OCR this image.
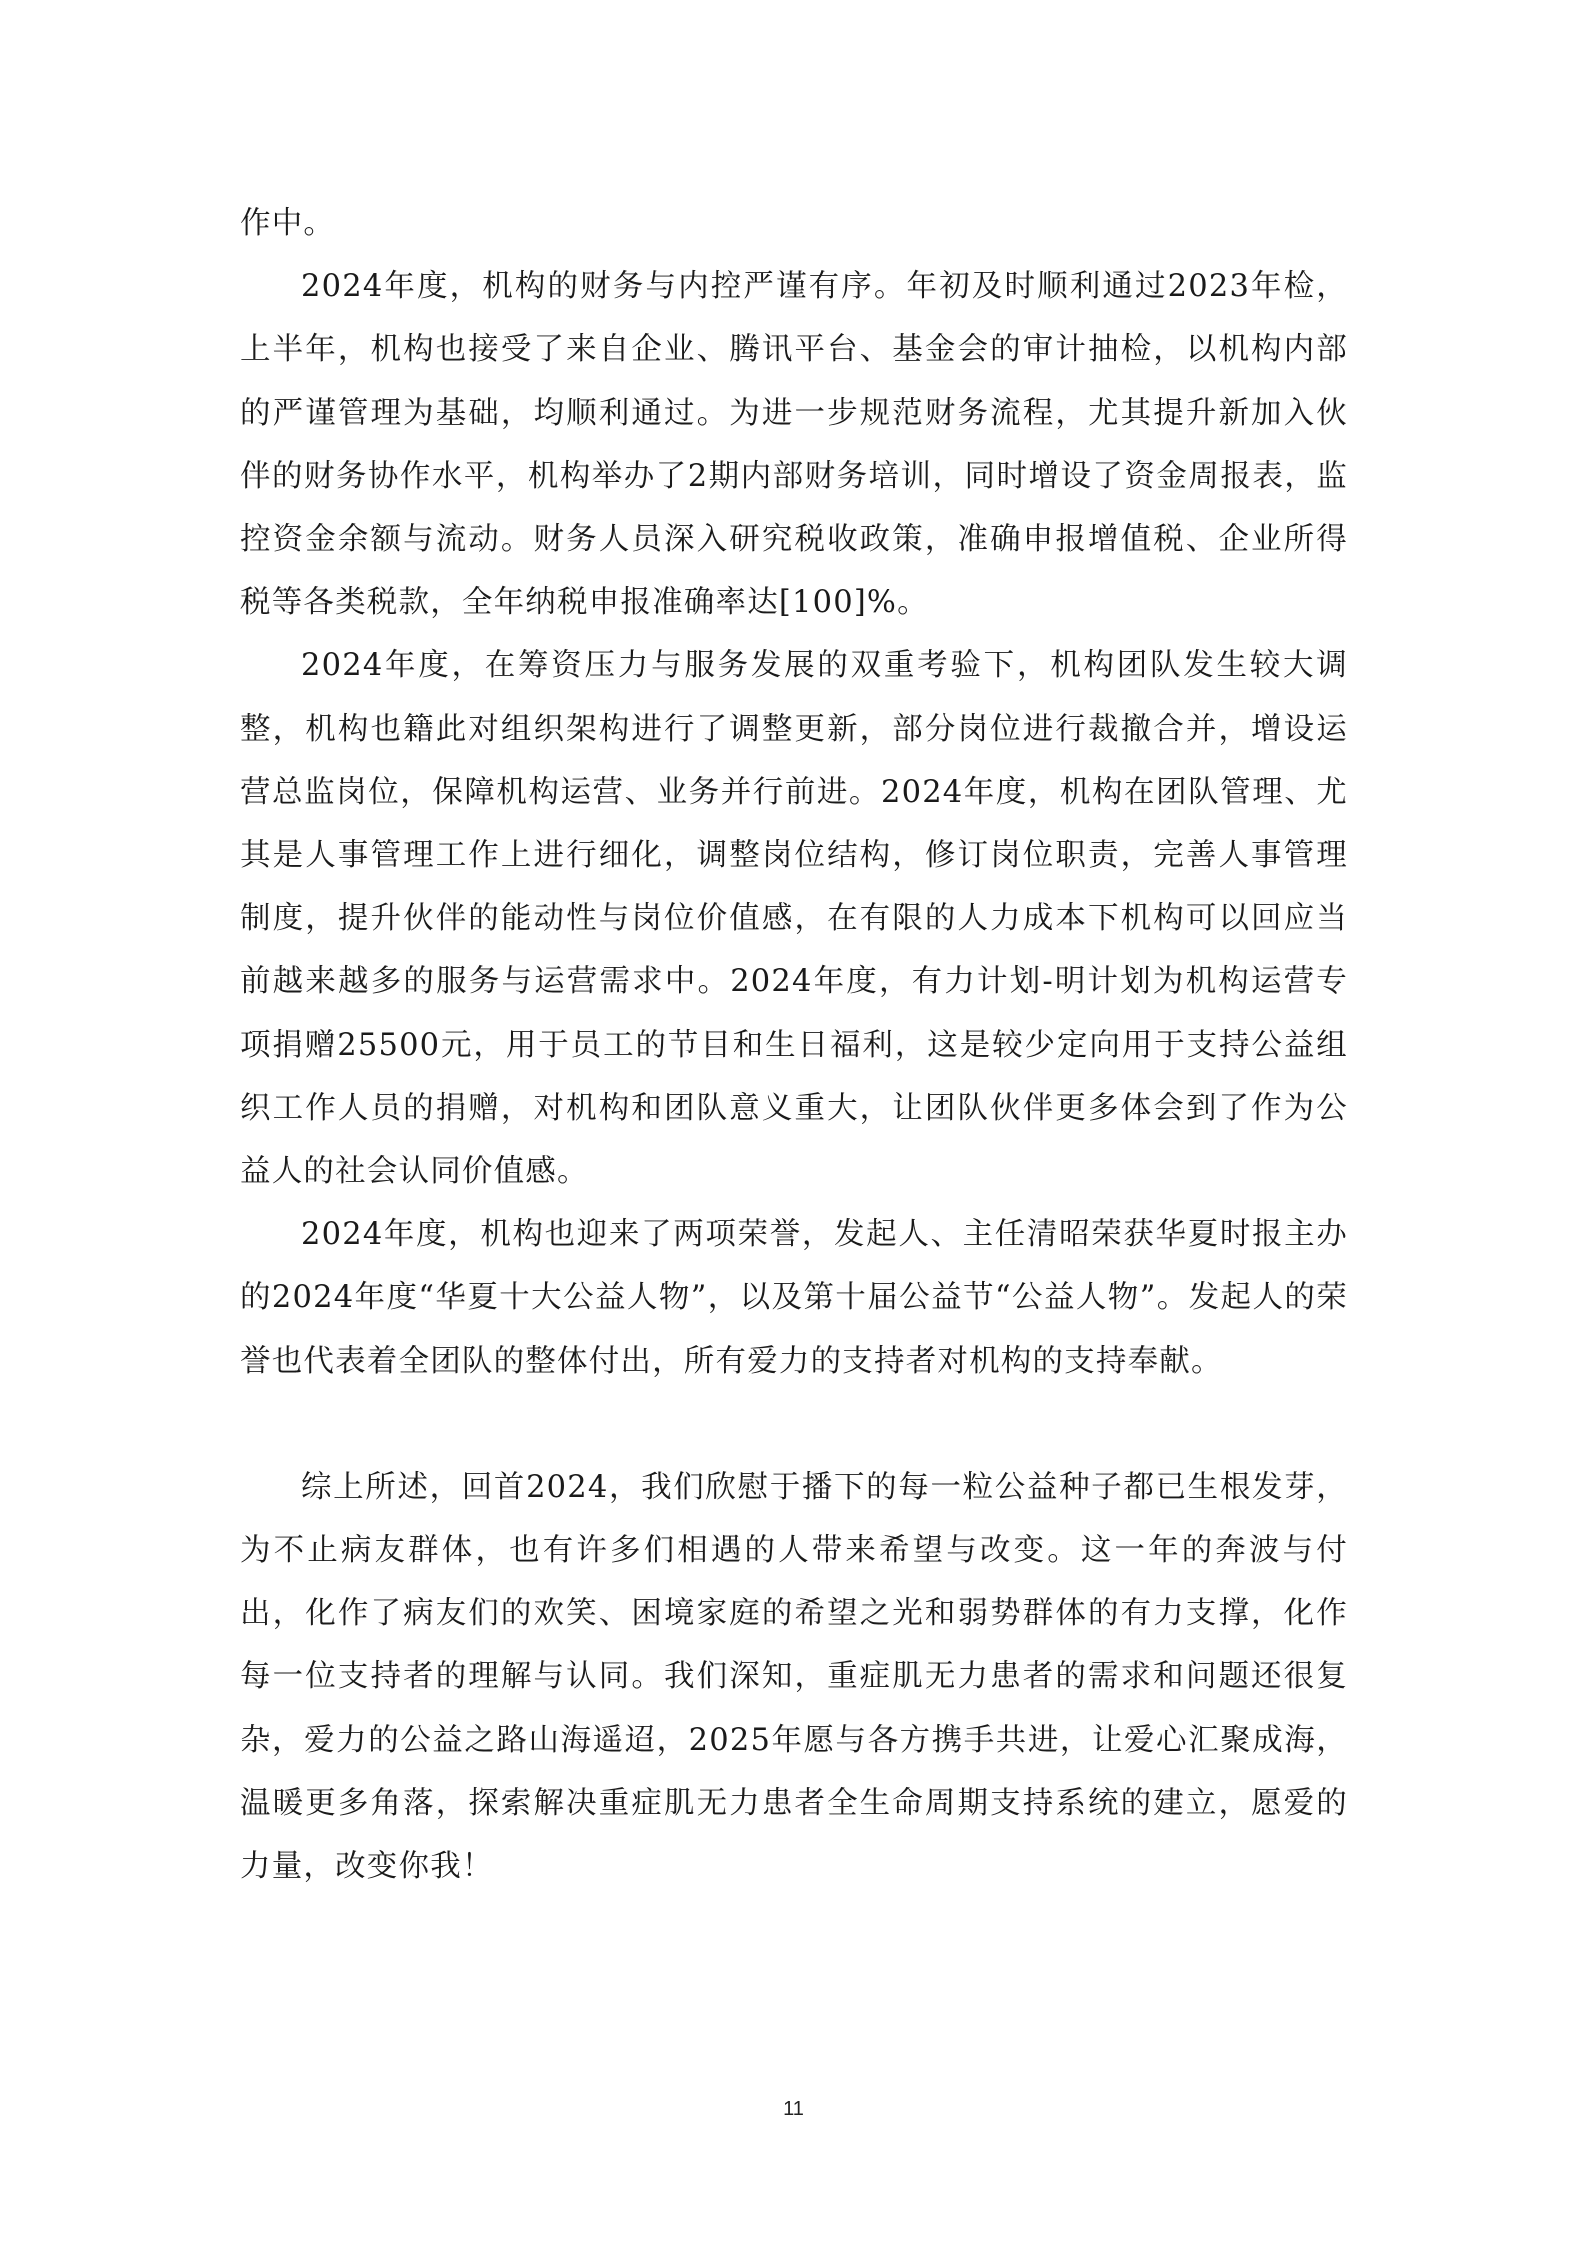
作中。

2024年度，机构的财务与内控严谨有序。年初及时顺利通过2023年检，上半年，机构也接受了来自企业、腾讯平台、基金会的审计抽检，以机构内部的严谨管理为基础，均顺利通过。为进一步规范财务流程，尤其提升新加入伙伴的财务协作水平，机构举办了2期内部财务培训，同时增设了资金周报表，监控资金余额与流动。财务人员深入研究税收政策，准确申报增值税、企业所得税等各类税款，全年纳税申报准确率达[100]%。

2024年度，在筹资压力与服务发展的双重考验下，机构团队发生较大调整，机构也籍此对组织架构进行了调整更新，部分岗位进行裁撤合并，增设运营总监岗位，保障机构运营、业务并行前进。2024年度，机构在团队管理、尤其是人事管理工作上进行细化，调整岗位结构，修订岗位职责，完善人事管理制度，提升伙伴的能动性与岗位价值感，在有限的人力成本下机构可以回应当前越来越多的服务与运营需求中。2024年度，有力计划-明计划为机构运营专项捐赠25500元，用于员工的节目和生日福利，这是较少定向用于支持公益组织工作人员的捐赠，对机构和团队意义重大，让团队伙伴更多体会到了作为公益人的社会认同价值感。

2024年度，机构也迎来了两项荣誉，发起人、主任清昭荣获华夏时报主办的2024年度“华夏十大公益人物”，以及第十届公益节“公益人物”。发起人的荣誉也代表着全团队的整体付出，所有爱力的支持者对机构的支持奉献。

综上所述，回首2024，我们欣慰于播下的每一粒公益种子都已生根发芽，为不止病友群体，也有许多们相遇的人带来希望与改变。这一年的奔波与付出，化作了病友们的欢笑、困境家庭的希望之光和弱势群体的有力支撑，化作每一位支持者的理解与认同。我们深知，重症肌无力患者的需求和问题还很复杂，爱力的公益之路山海遥迢，2025年愿与各方携手共进，让爱心汇聚成海，温暖更多角落，探索解决重症肌无力患者全生命周期支持系统的建立，愿爱的力量，改变你我！

11
